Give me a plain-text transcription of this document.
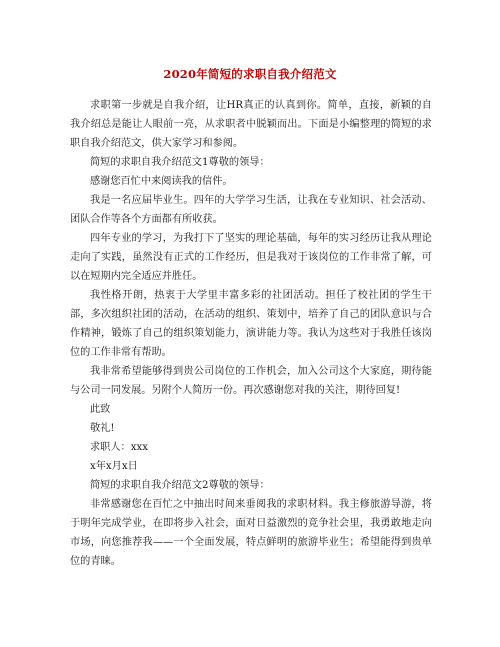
2020年简短的求职自我介绍范文

求职第一步就是自我介绍，让HR真正的认真到你。简单，直接，新颖的自我介绍总是能让人眼前一亮，从求职者中脱颖而出。下面是小编整理的简短的求职自我介绍范文，供大家学习和参阅。

简短的求职自我介绍范文1尊敬的领导：

感谢您百忙中来阅读我的信件。

我是一名应届毕业生。四年的大学学习生活，让我在专业知识、社会活动、团队合作等各个方面都有所收获。

四年专业的学习，为我打下了坚实的理论基础，每年的实习经历让我从理论走向了实践，虽然没有正式的工作经历，但是我对于该岗位的工作非常了解，可以在短期内完全适应并胜任。

我性格开朗，热衷于大学里丰富多彩的社团活动。担任了校社团的学生干部，多次组织社团的活动，在活动的组织、策划中，培养了自己的团队意识与合作精神，锻炼了自己的组织策划能力，演讲能力等。我认为这些对于我胜任该岗位的工作非常有帮助。

我非常希望能够得到贵公司岗位的工作机会，加入公司这个大家庭，期待能与公司一同发展。另附个人简历一份。再次感谢您对我的关注，期待回复!

此致

敬礼!

求职人：xxx

x年x月x日

简短的求职自我介绍范文2尊敬的领导：

非常感谢您在百忙之中抽出时间来垂阅我的求职材料。我主修旅游导游，将于明年完成学业，在即将步入社会，面对日益激烈的竞争社会里，我勇敢地走向市场，向您推荐我——一个全面发展，特点鲜明的旅游毕业生；希望能得到贵单位的青睐。
